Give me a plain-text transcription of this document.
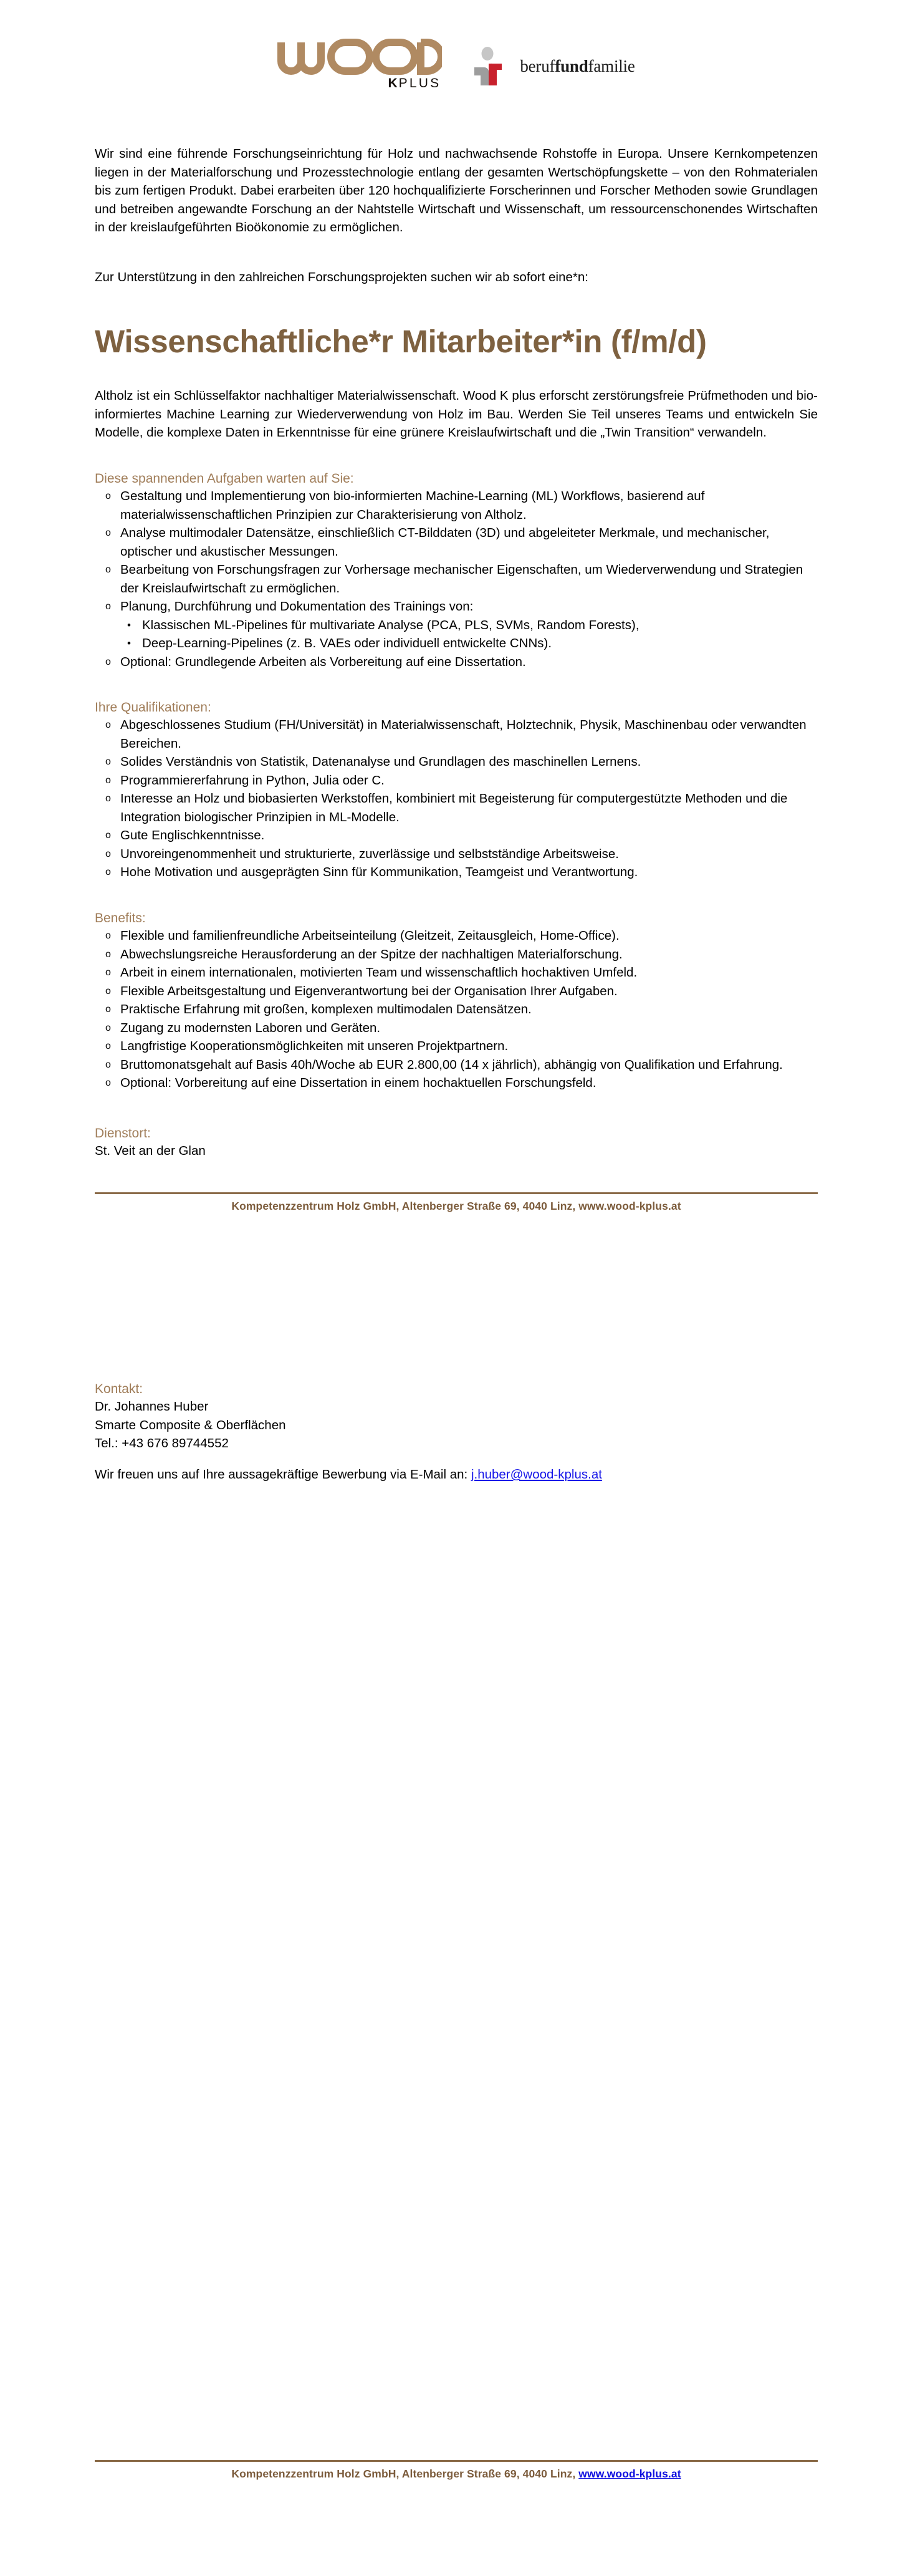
KPLUS
beruffundfamilie

Wir sind eine führende Forschungseinrichtung für Holz und nachwachsende Rohstoffe in Europa. Unsere Kernkompetenzen liegen in der Materialforschung und Prozesstechnologie entlang der gesamten Wertschöpfungskette – von den Rohmaterialen bis zum fertigen Produkt. Dabei erarbeiten über 120 hochqualifizierte Forscherinnen und Forscher Methoden sowie Grundlagen und betreiben angewandte Forschung an der Nahtstelle Wirtschaft und Wissenschaft, um ressourcenschonendes Wirtschaften in der kreislaufgeführten Bioökonomie zu ermöglichen.

Zur Unterstützung in den zahlreichen Forschungsprojekten suchen wir ab sofort eine*n:

Wissenschaftliche*r Mitarbeiter*in (f/m/d)

Altholz ist ein Schlüsselfaktor nachhaltiger Materialwissenschaft. Wood K plus erforscht zerstörungsfreie Prüfmethoden und bio-informiertes Machine Learning zur Wiederverwendung von Holz im Bau. Werden Sie Teil unseres Teams und entwickeln Sie Modelle, die komplexe Daten in Erkenntnisse für eine grünere Kreislaufwirtschaft und die „Twin Transition“ verwandeln.

Diese spannenden Aufgaben warten auf Sie:
o Gestaltung und Implementierung von bio-informierten Machine-Learning (ML) Workflows, basierend auf materialwissenschaftlichen Prinzipien zur Charakterisierung von Altholz.
o Analyse multimodaler Datensätze, einschließlich CT-Bilddaten (3D) und abgeleiteter Merkmale, und mechanischer, optischer und akustischer Messungen.
o Bearbeitung von Forschungsfragen zur Vorhersage mechanischer Eigenschaften, um Wiederverwendung und Strategien der Kreislaufwirtschaft zu ermöglichen.
o Planung, Durchführung und Dokumentation des Trainings von:
• Klassischen ML-Pipelines für multivariate Analyse (PCA, PLS, SVMs, Random Forests),
• Deep-Learning-Pipelines (z. B. VAEs oder individuell entwickelte CNNs).
o Optional: Grundlegende Arbeiten als Vorbereitung auf eine Dissertation.
Ihre Qualifikationen:
o Abgeschlossenes Studium (FH/Universität) in Materialwissenschaft, Holztechnik, Physik, Maschinenbau oder verwandten Bereichen.
o Solides Verständnis von Statistik, Datenanalyse und Grundlagen des maschinellen Lernens.
o Programmiererfahrung in Python, Julia oder C.
o Interesse an Holz und biobasierten Werkstoffen, kombiniert mit Begeisterung für computergestützte Methoden und die Integration biologischer Prinzipien in ML-Modelle.
o Gute Englischkenntnisse.
o Unvoreingenommenheit und strukturierte, zuverlässige und selbstständige Arbeitsweise.
o Hohe Motivation und ausgeprägten Sinn für Kommunikation, Teamgeist und Verantwortung.
Benefits:
o Flexible und familienfreundliche Arbeitseinteilung (Gleitzeit, Zeitausgleich, Home-Office).
o Abwechslungsreiche Herausforderung an der Spitze der nachhaltigen Materialforschung.
o Arbeit in einem internationalen, motivierten Team und wissenschaftlich hochaktiven Umfeld.
o Flexible Arbeitsgestaltung und Eigenverantwortung bei der Organisation Ihrer Aufgaben.
o Praktische Erfahrung mit großen, komplexen multimodalen Datensätzen.
o Zugang zu modernsten Laboren und Geräten.
o Langfristige Kooperationsmöglichkeiten mit unseren Projektpartnern.
o Bruttomonatsgehalt auf Basis 40h/Woche ab EUR 2.800,00 (14 x jährlich), abhängig von Qualifikation und Erfahrung.
o Optional: Vorbereitung auf eine Dissertation in einem hochaktuellen Forschungsfeld.
Dienstort:

St. Veit an der Glan

Kompetenzzentrum Holz GmbH, Altenberger Straße 69, 4040 Linz, www.wood-kplus.at
Kontakt:

Dr. Johannes Huber

Smarte Composite & Oberflächen

Tel.: +43 676 89744552

Wir freuen uns auf Ihre aussagekräftige Bewerbung via E-Mail an: j.huber@wood-kplus.at

Kompetenzzentrum Holz GmbH, Altenberger Straße 69, 4040 Linz, www.wood-kplus.at
